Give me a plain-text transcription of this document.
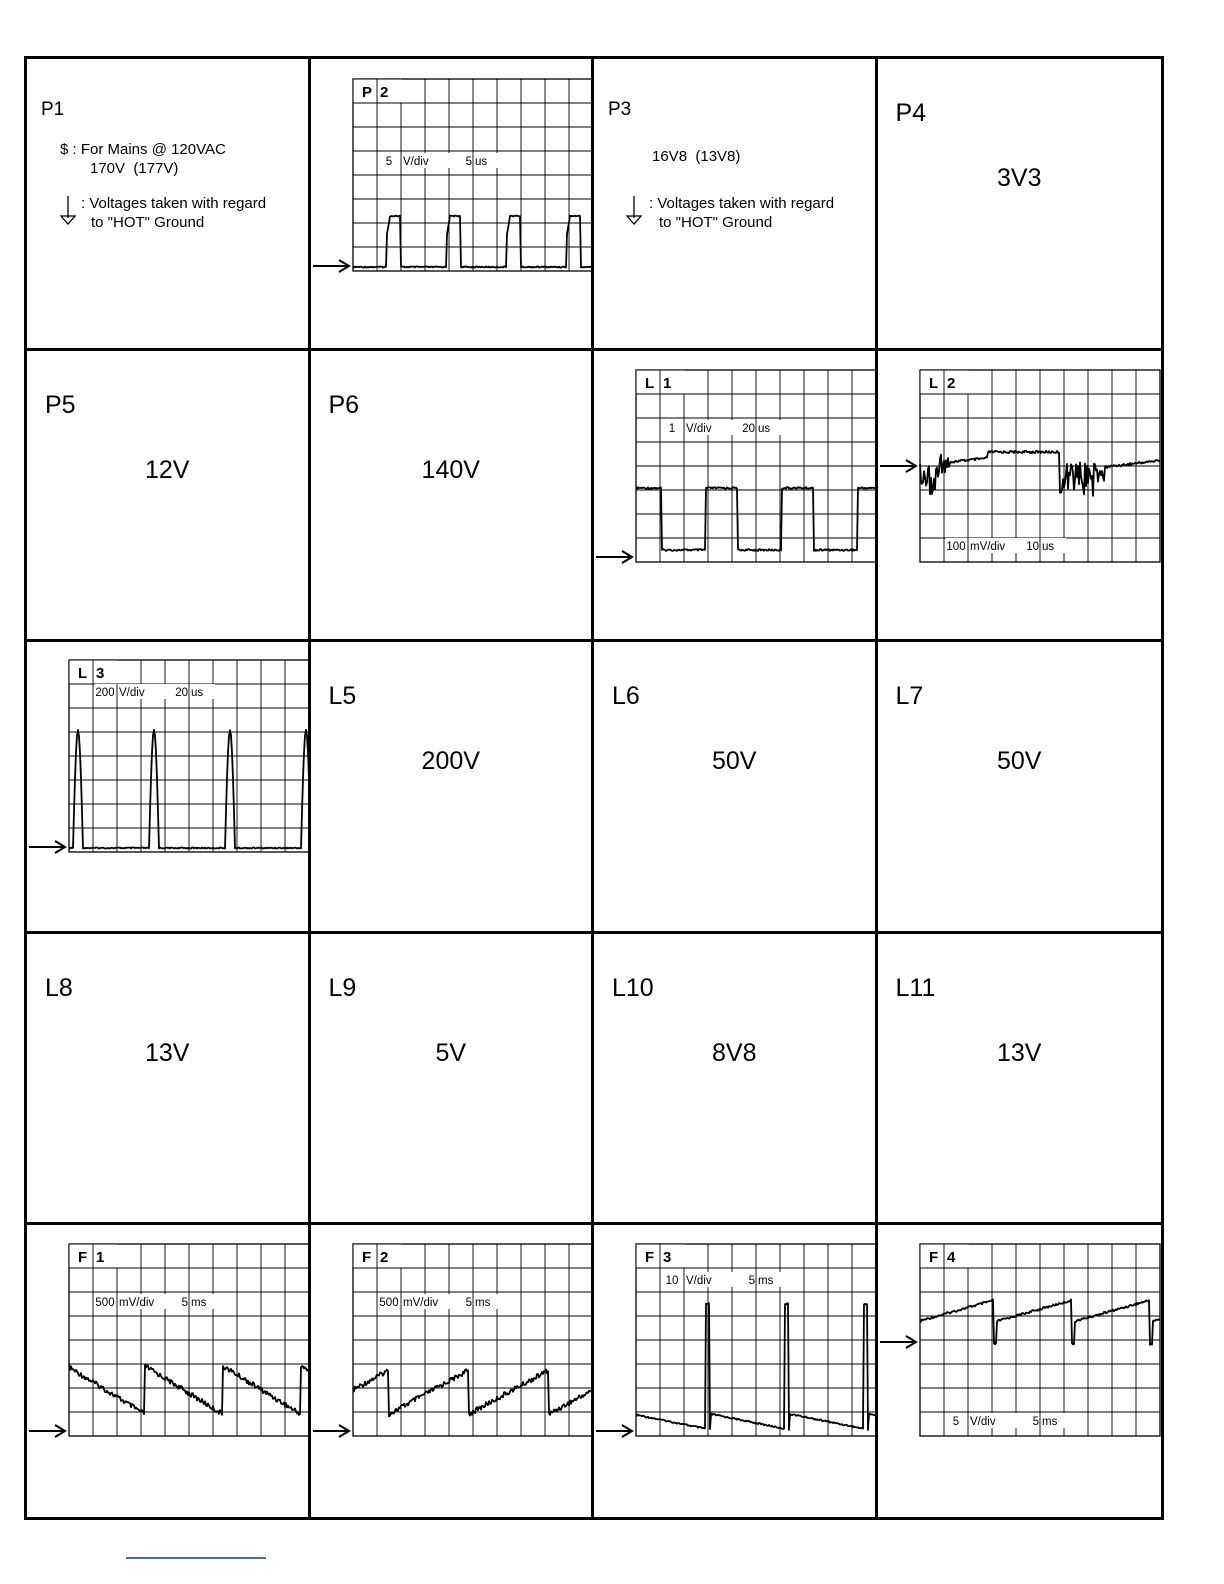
P1
$ : For Mains @ 120VAC
170V  (177V)
: Voltages taken with regard
to "HOT" Ground
P 2
5 V/div	5 us
P3
16V8  (13V8)
: Voltages taken with regard
to "HOT" Ground
P4
3V3
P5
12V
P6
140V
L 1
1 V/div	20 us
L 2
100 mV/div 10 us
L 3
200 V/div	20 us	L5
200V
L6
50V
L7
50V
L8
13V
L9
5V
L10
8V8
L11
13V
F 1
500 mV/div 5 ms
F 2
500 mV/div 5 ms
F 3
10 V/div	5 ms
F 4
5 V/div	5 ms
